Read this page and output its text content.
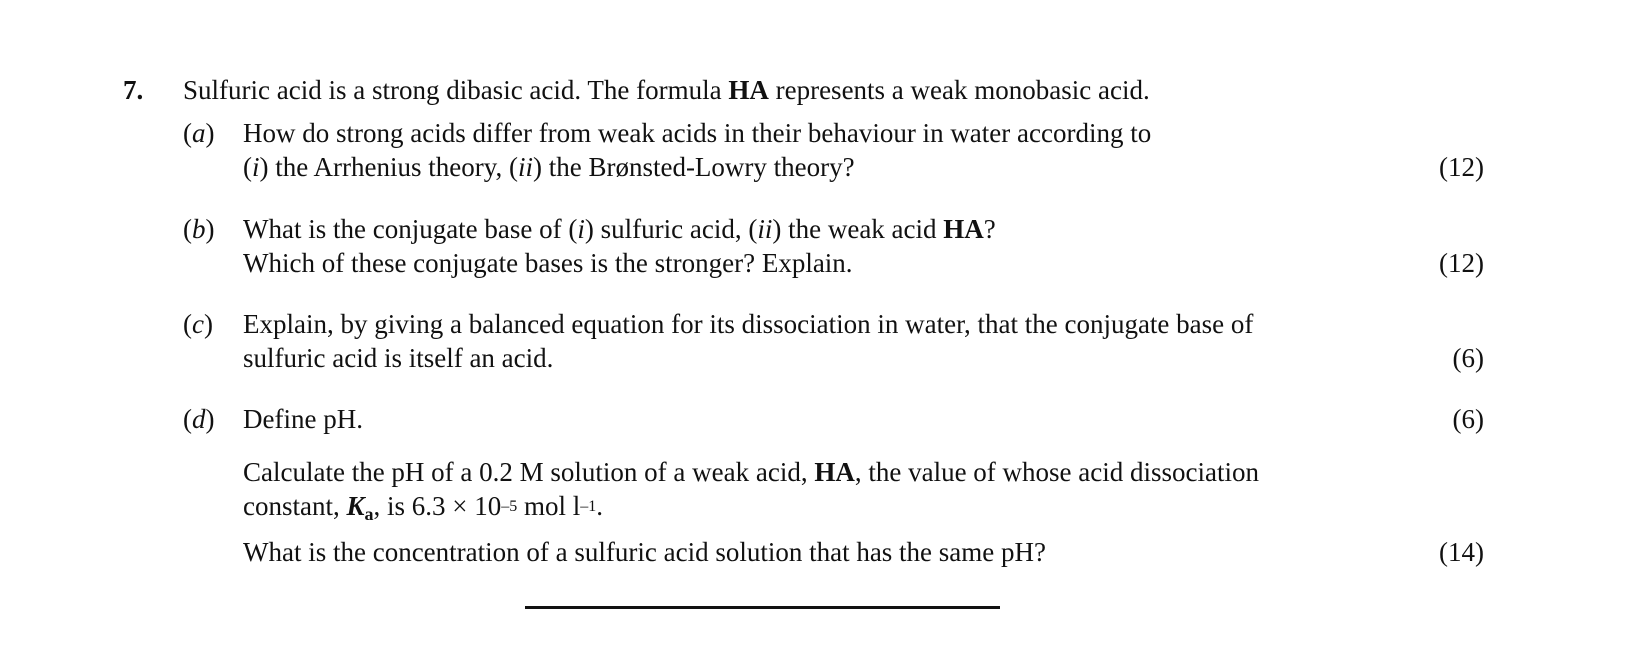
7. Sulfuric acid is a strong dibasic acid. The formula HA represents a weak monobasic acid.
(a) How do strong acids differ from weak acids in their behaviour in water according to
(i) the Arrhenius theory, (ii) the Brønsted-Lowry theory?	(12)
(b) What is the conjugate base of (i) sulfuric acid, (ii) the weak acid HA?
Which of these conjugate bases is the stronger? Explain.	(12)
(c) Explain, by giving a balanced equation for its dissociation in water, that the conjugate base of
sulfuric acid is itself an acid.	(6)
(d) Define pH.	(6)
Calculate the pH of a 0.2 M solution of a weak acid, HA, the value of whose acid dissociation
constant, $K_a$, is $6.3 \times 10^{-5}$ mol $l^{-1}$.
What is the concentration of a sulfuric acid solution that has the same pH?	(14)
